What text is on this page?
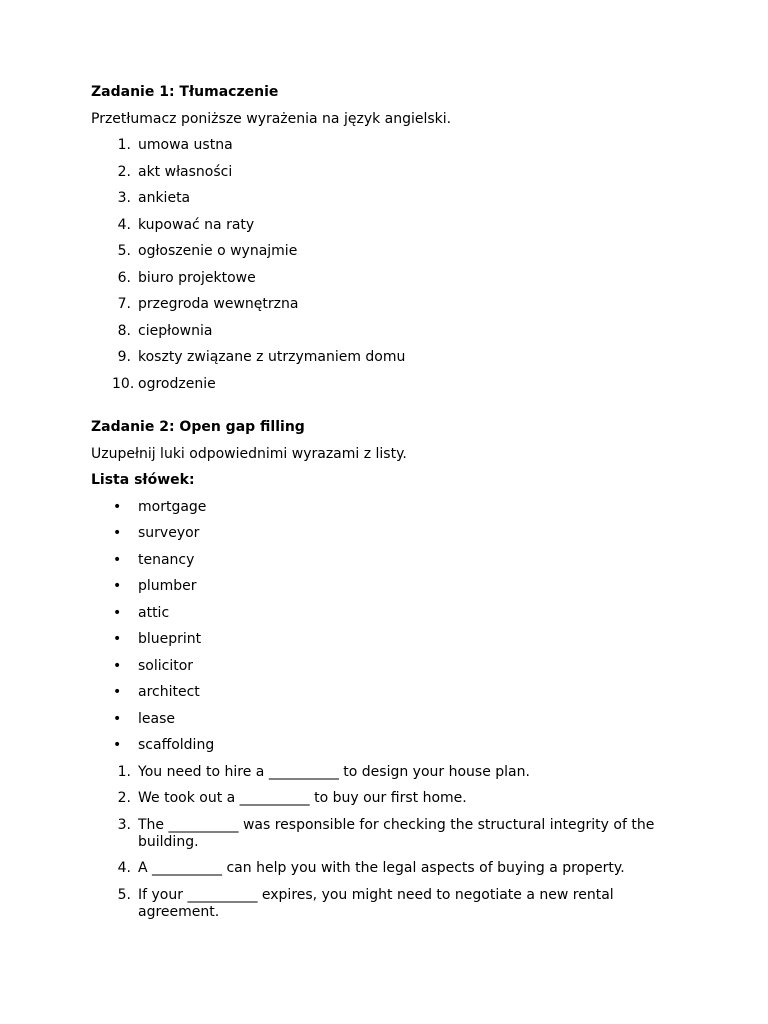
Zadanie 1: Tłumaczenie
Przetłumacz poniższe wyrażenia na język angielski.
1. umowa ustna
2. akt własności
3. ankieta
4. kupować na raty
5. ogłoszenie o wynajmie
6. biuro projektowe
7. przegroda wewnętrzna
8. ciepłownia
9. koszty związane z utrzymaniem domu
10. ogrodzenie
Zadanie 2: Open gap filling
Uzupełnij luki odpowiednimi wyrazami z listy.
Lista słówek:
• mortgage
• surveyor
• tenancy
• plumber
• attic
• blueprint
• solicitor
• architect
• lease
• scaffolding
1. You need to hire a __________ to design your house plan.
2. We took out a __________ to buy our first home.
3. The __________ was responsible for checking the structural integrity of the building.
4. A __________ can help you with the legal aspects of buying a property.
5. If your __________ expires, you might need to negotiate a new rental agreement.
